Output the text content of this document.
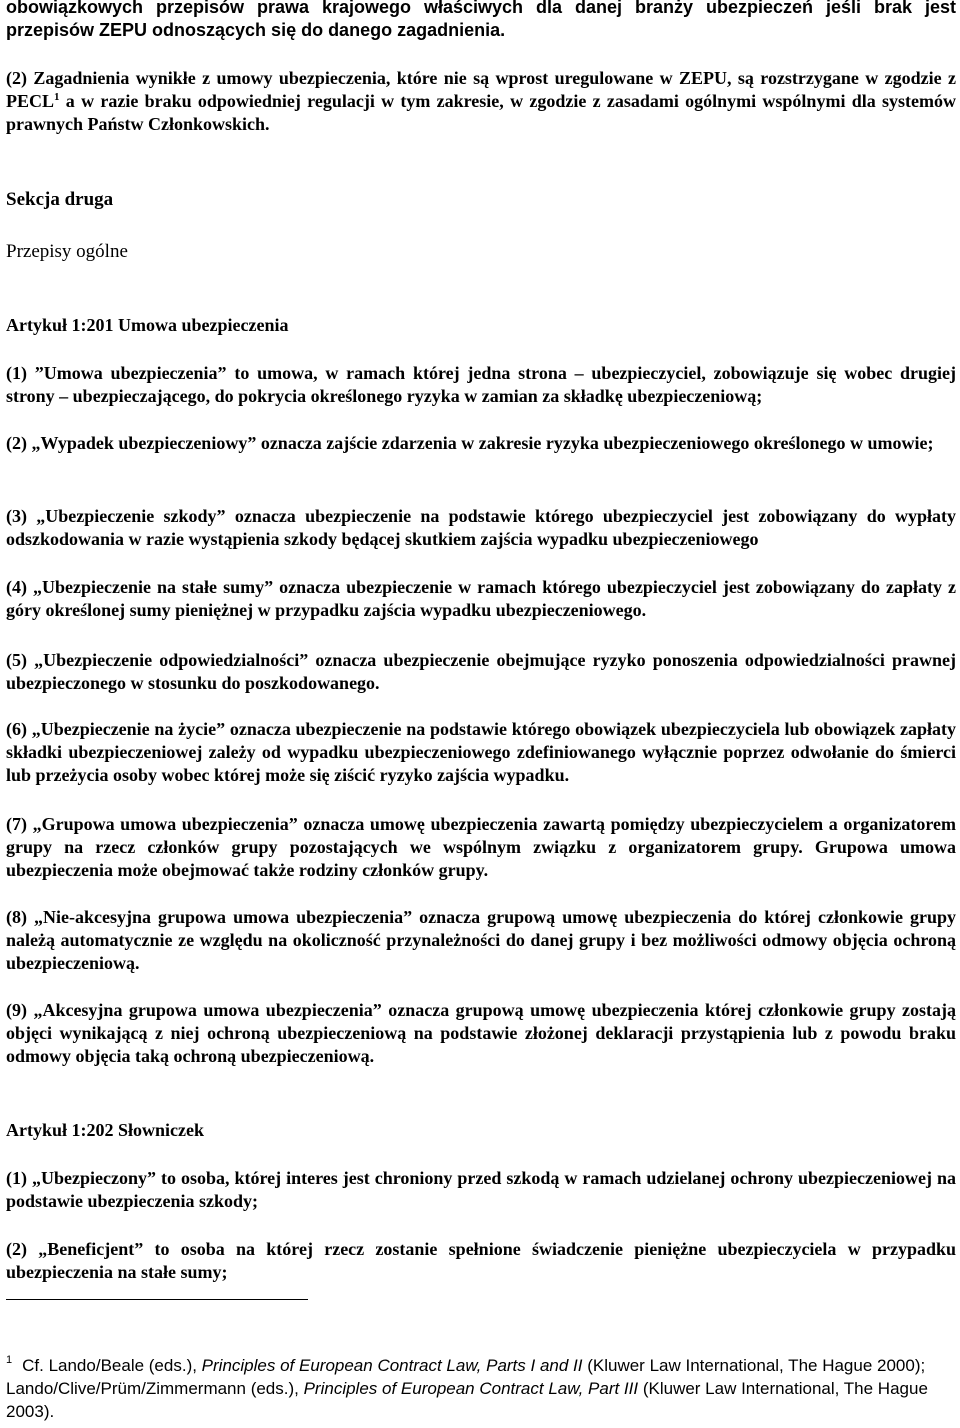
obowiązkowych przepisów prawa krajowego właściwych dla danej branży ubezpieczeń jeśli brak jest przepisów ZEPU odnoszących się do danego zagadnienia.

(2) Zagadnienia wynikłe z umowy ubezpieczenia, które nie są wprost uregulowane w ZEPU, są rozstrzygane w zgodzie z PECL$^1$ a w razie braku odpowiedniej regulacji w tym zakresie, w zgodzie z zasadami ogólnymi wspólnymi dla systemów prawnych Państw Członkowskich.

Sekcja druga

Przepisy ogólne

Artykuł 1:201 Umowa ubezpieczenia

(1) ”Umowa ubezpieczenia” to umowa, w ramach której jedna strona – ubezpieczyciel, zobowiązuje się wobec drugiej strony – ubezpieczającego, do pokrycia określonego ryzyka w zamian za składkę ubezpieczeniową;

(2) „Wypadek ubezpieczeniowy” oznacza zajście zdarzenia w zakresie ryzyka ubezpieczeniowego określonego w umowie;

(3) „Ubezpieczenie szkody” oznacza ubezpieczenie na podstawie którego ubezpieczyciel jest zobowiązany do wypłaty odszkodowania w razie wystąpienia szkody będącej skutkiem zajścia wypadku ubezpieczeniowego

(4) „Ubezpieczenie na stałe sumy” oznacza ubezpieczenie w ramach którego ubezpieczyciel jest zobowiązany do zapłaty z góry określonej sumy pieniężnej w przypadku zajścia wypadku ubezpieczeniowego.

(5) „Ubezpieczenie odpowiedzialności” oznacza ubezpieczenie obejmujące ryzyko ponoszenia odpowiedzialności prawnej ubezpieczonego w stosunku do poszkodowanego.

(6) „Ubezpieczenie na życie” oznacza ubezpieczenie na podstawie którego obowiązek ubezpieczyciela lub obowiązek zapłaty składki ubezpieczeniowej zależy od wypadku ubezpieczeniowego zdefiniowanego wyłącznie poprzez odwołanie do śmierci lub przeżycia osoby wobec której może się ziścić ryzyko zajścia wypadku.

(7) „Grupowa umowa ubezpieczenia” oznacza umowę ubezpieczenia zawartą pomiędzy ubezpieczycielem a organizatorem grupy na rzecz członków grupy pozostających we wspólnym związku z organizatorem grupy. Grupowa umowa ubezpieczenia może obejmować także rodziny członków grupy.

(8) „Nie-akcesyjna grupowa umowa ubezpieczenia” oznacza grupową umowę ubezpieczenia do której członkowie grupy należą automatycznie ze względu na okoliczność przynależności do danej grupy i bez możliwości odmowy objęcia ochroną ubezpieczeniową.

(9) „Akcesyjna grupowa umowa ubezpieczenia” oznacza grupową umowę ubezpieczenia której członkowie grupy zostają objęci wynikającą z niej ochroną ubezpieczeniową na podstawie złożonej deklaracji przystąpienia lub z powodu braku odmowy objęcia taką ochroną ubezpieczeniową.

Artykuł 1:202 Słowniczek

(1) „Ubezpieczony” to osoba, której interes jest chroniony przed szkodą w ramach udzielanej ochrony ubezpieczeniowej na podstawie ubezpieczenia szkody;

(2) „Beneficjent” to osoba na której rzecz zostanie spełnione świadczenie pieniężne ubezpieczyciela w przypadku ubezpieczenia na stałe sumy;

$^1$ Cf. Lando/Beale (eds.), Principles of European Contract Law, Parts I and II (Kluwer Law International, The Hague 2000); Lando/Clive/Prüm/Zimmermann (eds.), Principles of European Contract Law, Part III (Kluwer Law International, The Hague 2003).
